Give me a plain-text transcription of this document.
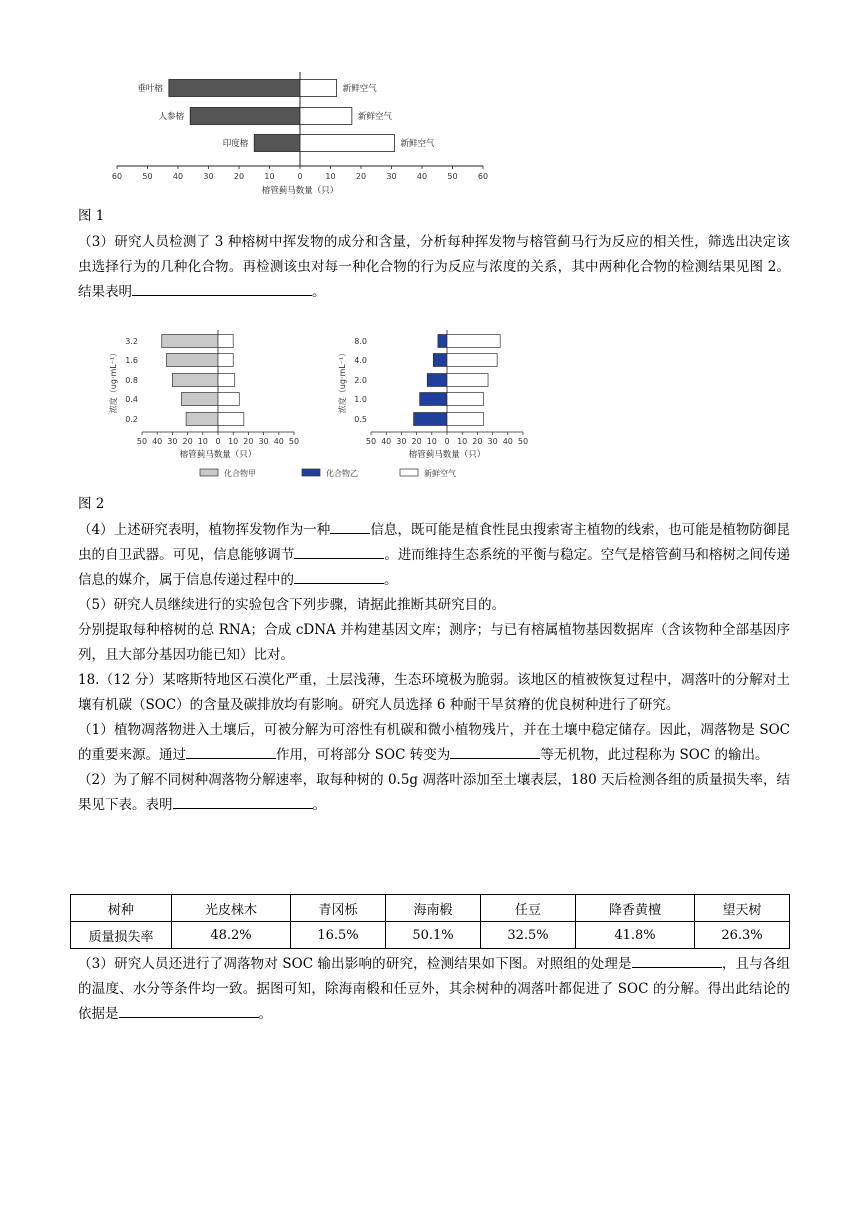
垂叶榕	新鲜空气
人参榕	新鲜空气
印度榕	新鲜空气
60	50	40	30	20	10	0	10	20	30	40	50	60
榕管蓟马数量（只）
图 1

（3）研究人员检测了 3 种榕树中挥发物的成分和含量，分析每种挥发物与榕管蓟马行为反应的相关性，筛选出决定该虫选择行为的几种化合物。再检测该虫对每一种化合物的行为反应与浓度的关系，其中两种化合物的检测结果见图 2。结果表明	。

3.2
1.6
0.8
0.4
0.2
50 40 30 20 10 0 10 20 30 40 50
榕管蓟马数量（只）
浓度（ug·mL⁻¹）
8.0
4.0
2.0
1.0
0.5
50 40 30 20 10 0 10 20 30 40 50
榕管蓟马数量（只）
浓度（ug·mL⁻¹）
化合物甲	化合物乙	新鲜空气
图 2

（4）上述研究表明，植物挥发物作为一种	信息，既可能是植食性昆虫搜索寄主植物的线索，也可能是植物防御昆虫的自卫武器。可见，信息能够调节	。进而维持生态系统的平衡与稳定。空气是榕管蓟马和榕树之间传递信息的媒介，属于信息传递过程中的	。

（5）研究人员继续进行的实验包含下列步骤，请据此推断其研究目的。

分别提取每种榕树的总 RNA；合成 cDNA 并构建基因文库；测序；与已有榕属植物基因数据库（含该物种全部基因序列，且大部分基因功能已知）比对。

18.（12 分）某喀斯特地区石漠化严重，土层浅薄，生态环境极为脆弱。该地区的植被恢复过程中，凋落叶的分解对土壤有机碳（SOC）的含量及碳排放均有影响。研究人员选择 6 种耐干旱贫瘠的优良树种进行了研究。

（1）植物凋落物进入土壤后，可被分解为可溶性有机碳和微小植物残片，并在土壤中稳定储存。因此，凋落物是 SOC 的重要来源。通过	作用，可将部分 SOC 转变为	等无机物，此过程称为 SOC 的输出。

（2）为了解不同树种凋落物分解速率，取每种树的 0.5g 凋落叶添加至土壤表层，180 天后检测各组的质量损失率，结果见下表。表明	。

树种	光皮梾木	青冈栎	海南椴	任豆	降香黄檀	望天树
质量损失率	48.2%	16.5%	50.1%	32.5%	41.8%	26.3%

（3）研究人员还进行了凋落物对 SOC 输出影响的研究，检测结果如下图。对照组的处理是	，且与各组的温度、水分等条件均一致。据图可知，除海南椴和任豆外，其余树种的凋落叶都促进了 SOC 的分解。得出此结论的依据是	。
